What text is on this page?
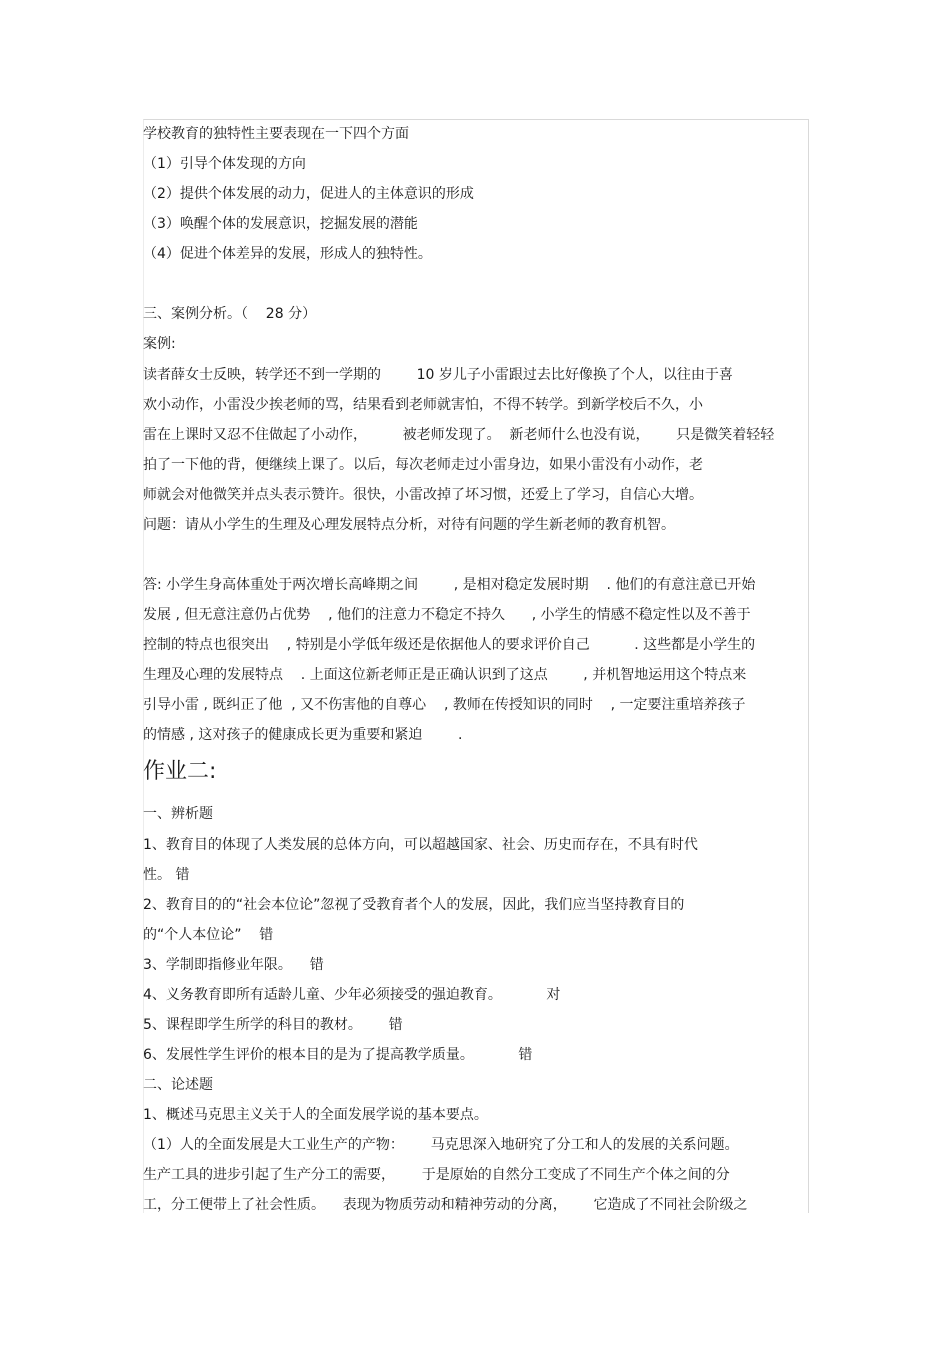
学校教育的独特性主要表现在一下四个方面
（1）引导个体发现的方向
（2）提供个体发展的动力，促进人的主体意识的形成
（3）唤醒个体的发展意识，挖掘发展的潜能
（4）促进个体差异的发展，形成人的独特性。
三、案例分析。（    28 分）
案例:
读者薛女士反映，转学还不到一学期的        10 岁儿子小雷跟过去比好像换了个人，以往由于喜
欢小动作，小雷没少挨老师的骂，结果看到老师就害怕，不得不转学。到新学校后不久，小
雷在上课时又忍不住做起了小动作，        被老师发现了。  新老师什么也没有说，      只是微笑着轻轻
拍了一下他的背，便继续上课了。以后，每次老师走过小雷身边，如果小雷没有小动作，老
师就会对他微笑并点头表示赞许。很快，小雷改掉了坏习惯，还爱上了学习，自信心大增。
问题：请从小学生的生理及心理发展特点分析，对待有问题的学生新老师的教育机智。
答: 小学生身高体重处于两次增长高峰期之间        , 是相对稳定发展时期    . 他们的有意注意已开始
发展 , 但无意注意仍占优势    , 他们的注意力不稳定不持久      , 小学生的情感不稳定性以及不善于
控制的特点也很突出    , 特别是小学低年级还是依据他人的要求评价自己          . 这些都是小学生的
生理及心理的发展特点    . 上面这位新老师正是正确认识到了这点        , 并机智地运用这个特点来
引导小雷 , 既纠正了他  , 又不伤害他的自尊心    , 教师在传授知识的同时    , 一定要注重培养孩子
的情感 , 这对孩子的健康成长更为重要和紧迫        .
作业二:
一、辨析题
1、教育目的体现了人类发展的总体方向，可以超越国家、社会、历史而存在，不具有时代
性。 错
2、教育目的的“社会本位论”忽视了受教育者个人的发展，因此，我们应当坚持教育目的
的“个人本位论”    错
3、学制即指修业年限。    错
4、义务教育即所有适龄儿童、少年必须接受的强迫教育。          对
5、课程即学生所学的科目的教材。      错
6、发展性学生评价的根本目的是为了提高教学质量。          错
二、论述题
1、概述马克思主义关于人的全面发展学说的基本要点。
（1）人的全面发展是大工业生产的产物：      马克思深入地研究了分工和人的发展的关系问题。
生产工具的进步引起了生产分工的需要，      于是原始的自然分工变成了不同生产个体之间的分
工，分工便带上了社会性质。    表现为物质劳动和精神劳动的分离，      它造成了不同社会阶级之
